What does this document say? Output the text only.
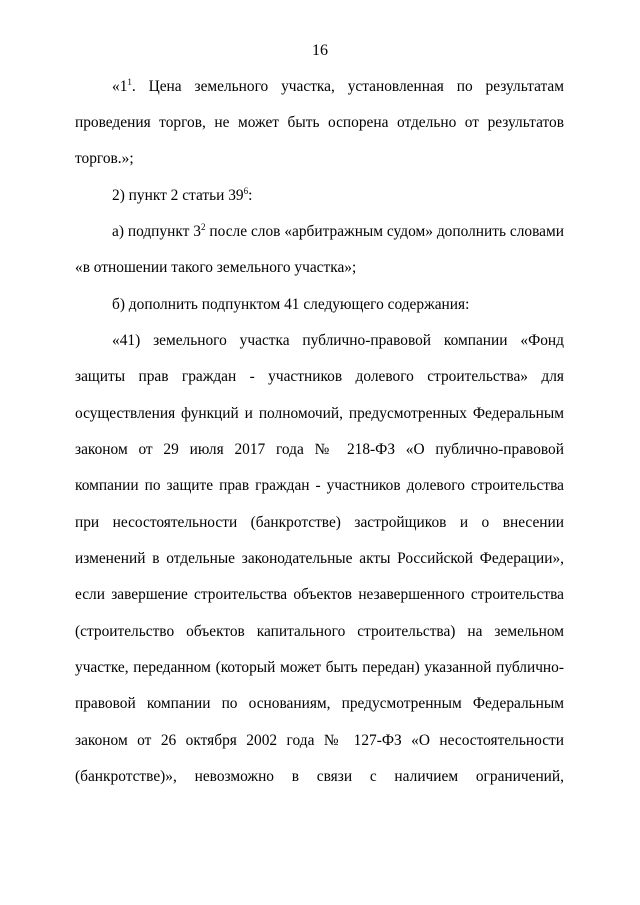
16
«$1^1$. Цена земельного участка, установленная по результатам
проведения торгов, не может быть оспорена отдельно от результатов
торгов.»;
2) пункт 2 статьи $39^6$:
а) подпункт $3^2$ после слов «арбитражным судом» дополнить словами
«в отношении такого земельного участка»;
б) дополнить подпунктом 41 следующего содержания:
«41) земельного участка публично-правовой компании «Фонд
защиты прав граждан - участников долевого строительства» для
осуществления функций и полномочий, предусмотренных Федеральным
законом от 29 июля 2017 года № 218-ФЗ «О публично-правовой
компании по защите прав граждан - участников долевого строительства
при несостоятельности (банкротстве) застройщиков и о внесении
изменений в отдельные законодательные акты Российской Федерации»,
если завершение строительства объектов незавершенного строительства
(строительство объектов капитального строительства) на земельном
участке, переданном (который может быть передан) указанной публично-
правовой компании по основаниям, предусмотренным Федеральным
законом от 26 октября 2002 года № 127-ФЗ «О несостоятельности
(банкротстве)», невозможно в связи с наличием ограничений,
